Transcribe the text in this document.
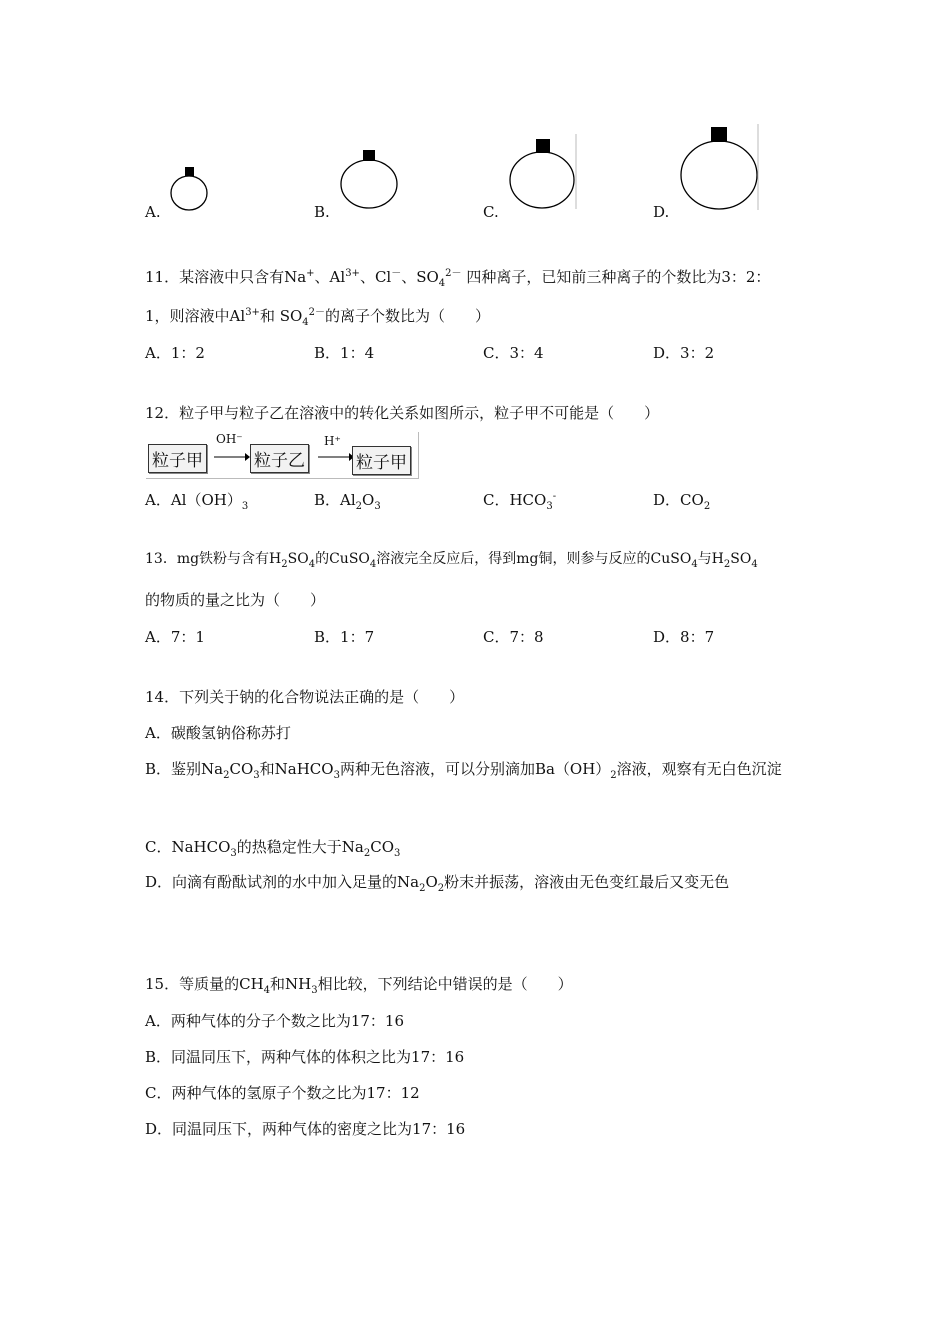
A.	B.	C.	D.
11．某溶液中只含有Na+、$Al^{3+}$、Cl－、$SO_4^{2-}$ 四种离子，已知前三种离子的个数比为3：2：
1，则溶液中$Al^{3+}$和 $SO_4^{2-}$的离子个数比为（　　）
A．1：2	B．1：4	C．3：4	D．3：2
12．粒子甲与粒子乙在溶液中的转化关系如图所示，粒子甲不可能是（　　）
粒子甲
OH⁻
粒子乙
H⁺
粒子甲
A．$Al(OH)_3$	B．$Al_2O_3$	C．$HCO_3^-$	D．$CO_2$
13．mg铁粉与含有$H_2SO_4$的CuSO$_4$溶液完全反应后，得到mg铜，则参与反应的CuSO$_4$与$H_2SO_4$
的物质的量之比为（　　）
A．7：1	B．1：7	C．7：8	D．8：7
14．下列关于钠的化合物说法正确的是（　　）
A．碳酸氢钠俗称苏打
B．鉴别$Na_2CO_3$和NaHCO$_3$两种无色溶液，可以分别滴加$Ba(OH)_2$溶液，观察有无白色沉淀
C．NaHCO$_3$的热稳定性大于$Na_2CO_3$
D．向滴有酚酞试剂的水中加入足量的$Na_2O_2$粉末并振荡，溶液由无色变红最后又变无色
15．等质量的$CH_4$和$NH_3$相比较，下列结论中错误的是（　　）
A．两种气体的分子个数之比为17：16
B．同温同压下，两种气体的体积之比为17：16
C．两种气体的氢原子个数之比为17：12
D．同温同压下，两种气体的密度之比为17：16
